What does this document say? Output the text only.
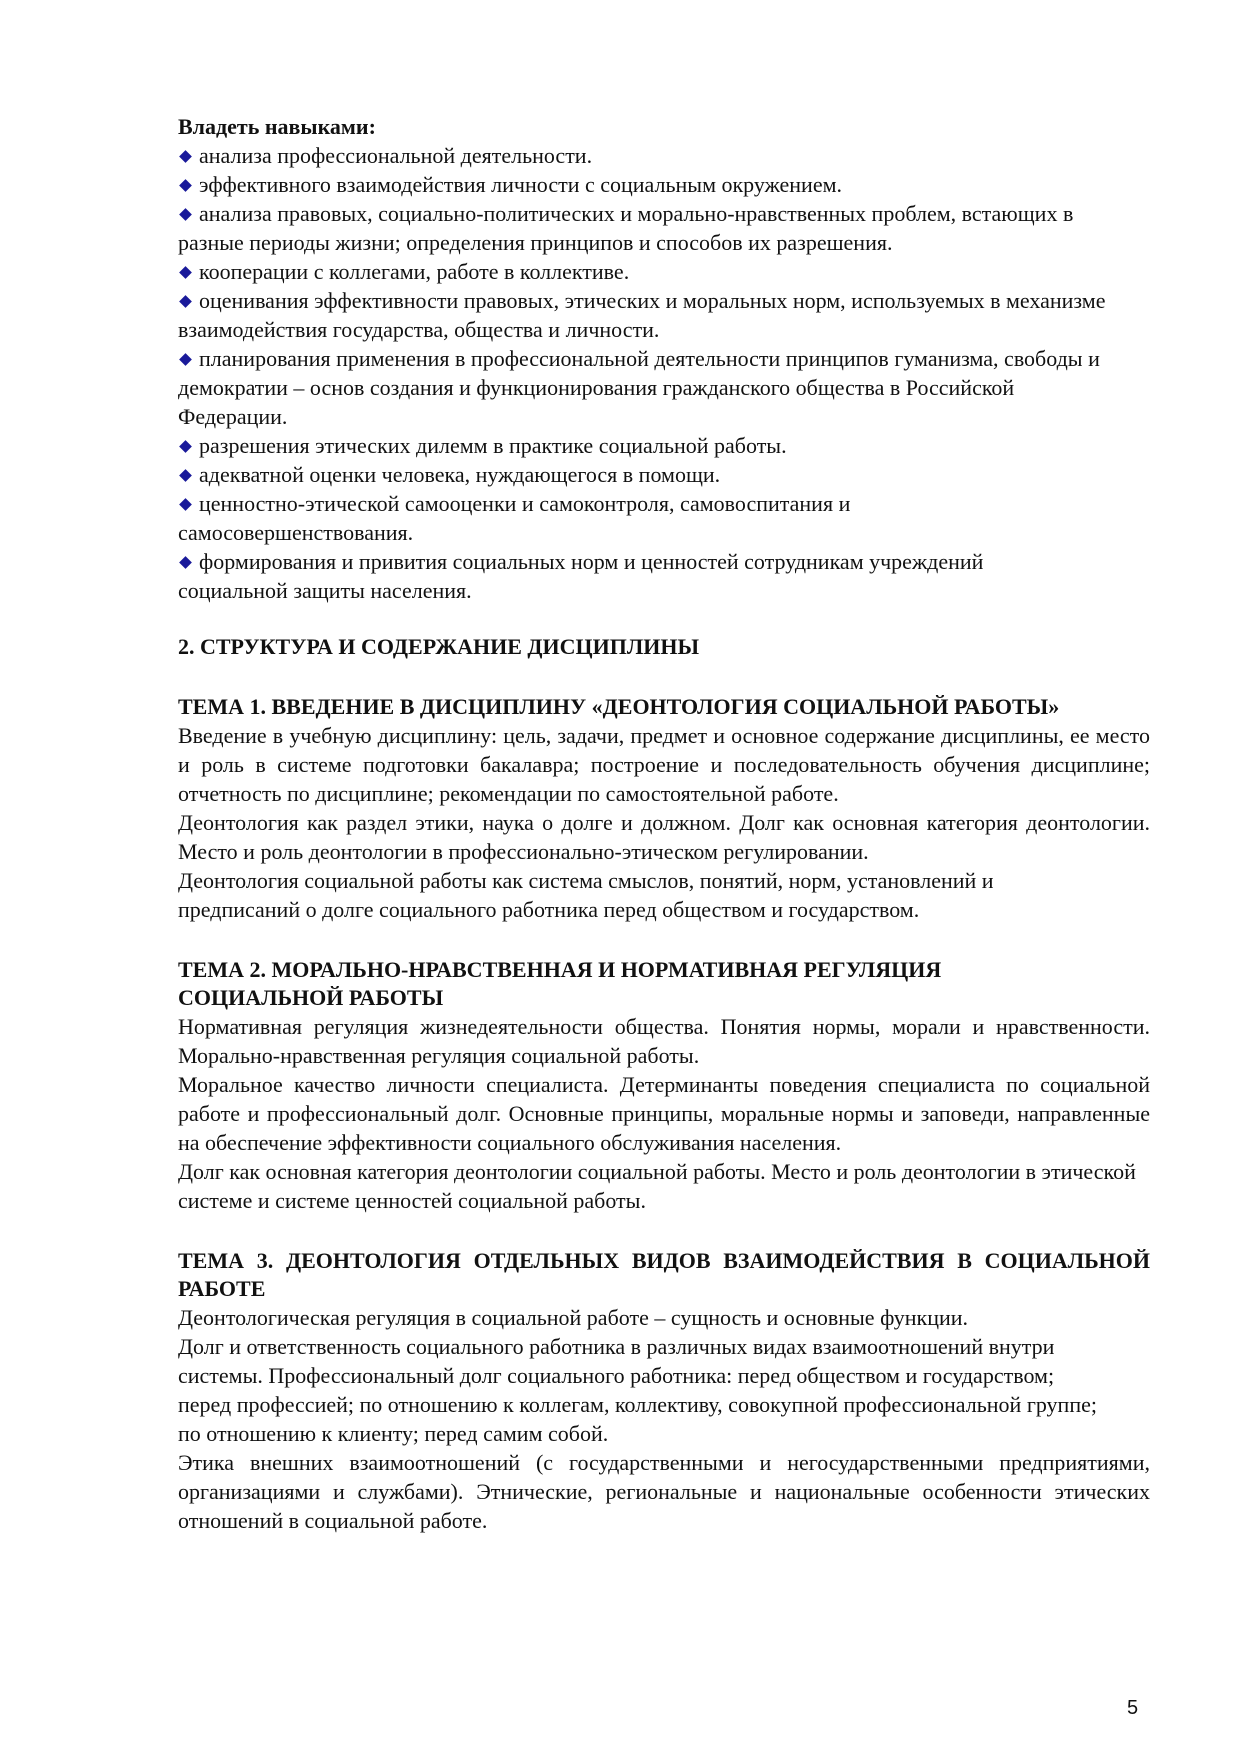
Владеть навыками:

анализа профессиональной деятельности.
эффективного взаимодействия личности с социальным окружением.
анализа правовых, социально-политических и морально-нравственных проблем, встающих в разные периоды жизни; определения принципов и способов их разрешения.
кооперации с коллегами, работе в коллективе.
оценивания эффективности правовых, этических и моральных норм, используемых в механизме взаимодействия государства, общества и личности.
планирования применения в профессиональной деятельности принципов гуманизма, свободы и демократии – основ создания и функционирования гражданского общества в Российской Федерации.
разрешения этических дилемм в практике социальной работы.
адекватной оценки человека, нуждающегося в помощи.
ценностно-этической самооценки и самоконтроля, самовоспитания и самосовершенствования.
формирования и привития социальных норм и ценностей сотрудникам учреждений социальной защиты населения.

2. СТРУКТУРА И СОДЕРЖАНИЕ ДИСЦИПЛИНЫ

ТЕМА 1. ВВЕДЕНИЕ В ДИСЦИПЛИНУ «ДЕОНТОЛОГИЯ СОЦИАЛЬНОЙ РАБОТЫ»

Введение в учебную дисциплину: цель, задачи, предмет и основное содержание дисциплины, ее место и роль в системе подготовки бакалавра; построение и последовательность обучения дисциплине; отчетность по дисциплине; рекомендации по самостоятельной работе.

Деонтология как раздел этики, наука о долге и должном. Долг как основная категория деонтологии. Место и роль деонтологии в профессионально-этическом регулировании.

Деонтология социальной работы как система смыслов, понятий, норм, установлений и предписаний о долге социального работника перед обществом и государством.

ТЕМА 2. МОРАЛЬНО-НРАВСТВЕННАЯ И НОРМАТИВНАЯ РЕГУЛЯЦИЯ СОЦИАЛЬНОЙ РАБОТЫ

Нормативная регуляция жизнедеятельности общества. Понятия нормы, морали и нравственности. Морально-нравственная регуляция социальной работы.

Моральное качество личности специалиста. Детерминанты поведения специалиста по социальной работе и профессиональный долг. Основные принципы, моральные нормы и заповеди, направленные на обеспечение эффективности социального обслуживания населения.

Долг как основная категория деонтологии социальной работы. Место и роль деонтологии в этической системе и системе ценностей социальной работы.

ТЕМА 3. ДЕОНТОЛОГИЯ ОТДЕЛЬНЫХ ВИДОВ ВЗАИМОДЕЙСТВИЯ В СОЦИАЛЬНОЙ РАБОТЕ

Деонтологическая регуляция в социальной работе – сущность и основные функции.

Долг и ответственность социального работника в различных видах взаимоотношений внутри системы. Профессиональный долг социального работника: перед обществом и государством; перед профессией; по отношению к коллегам, коллективу, совокупной профессиональной группе; по отношению к клиенту; перед самим собой.

Этика внешних взаимоотношений (с государственными и негосударственными предприятиями, организациями и службами). Этнические, региональные и национальные особенности этических отношений в социальной работе.

5
